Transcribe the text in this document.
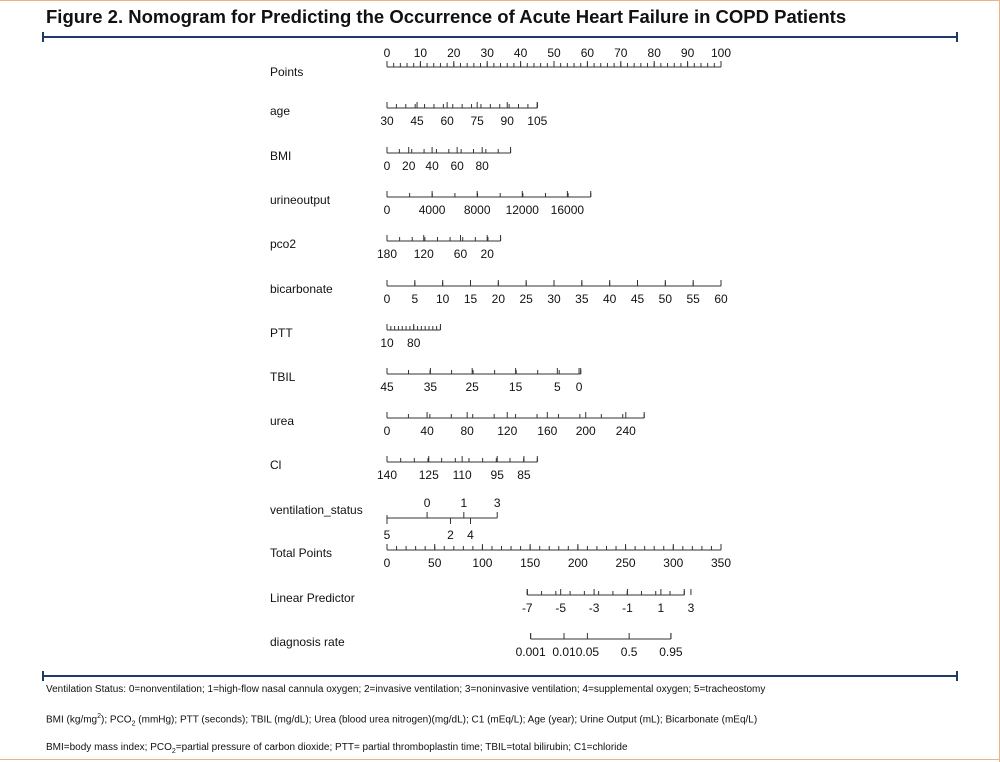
Figure 2. Nomogram for Predicting the Occurrence of Acute Heart Failure in COPD Patients
Points
0 10 20 30 40 50 60 70 80 90 100
age
30 45 60 75 90 105
BMI
0 20 40 60 80
urineoutput
0 4000 8000 12000 16000
pco2
180 120 60 20
bicarbonate
0 5 10 15 20 25 30 35 40 45 50 55 60
PTT
10 80
TBIL
45	35 25	15	5 0
urea
0	40 80 120 160 200 240
Cl
140 125 110 95 85
ventilation_status	0	1 3
5	2 4
Total Points
0	50	100 150 200 250 300 350
Linear Predictor
-7 -5 -3 -1 1 3
diagnosis rate
0.001 0.01 0.05 0.5 0.95
Ventilation Status: 0=nonventilation; 1=high-flow nasal cannula oxygen; 2=invasive ventilation; 3=noninvasive ventilation; 4=supplemental oxygen; 5=tracheostomy
BMI $(kg/mg^2)$; $PCO_2$ (mmHg); PTT (seconds); TBIL (mg/dL); Urea (blood urea nitrogen)(mg/dL); C1 (mEq/L); Age (year); Urine Output (mL); Bicarbonate (mEq/L)
BMI=body mass index; $PCO_2=partial$ pressure of carbon dioxide; PTT= partial thromboplastin time; TBIL=total bilirubin; C1=chloride
